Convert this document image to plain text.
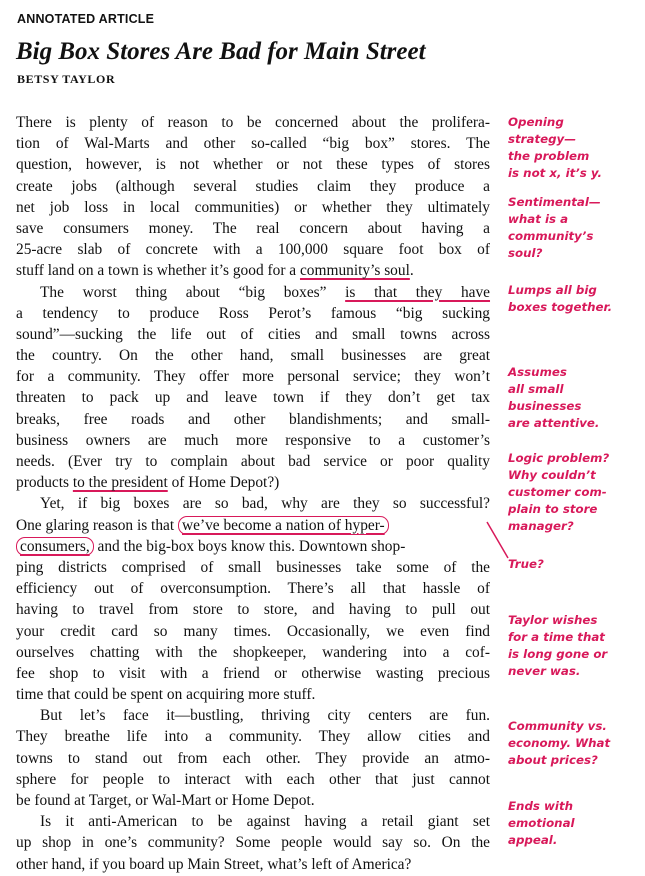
ANNOTATED ARTICLE
Big Box Stores Are Bad for Main Street
BETSY TAYLOR
There is plenty of reason to be concerned about the prolifera-
tion of Wal-Marts and other so-called “big box” stores. The
question, however, is not whether or not these types of stores
create jobs (although several studies claim they produce a
net job loss in local communities) or whether they ultimately
save consumers money. The real concern about having a
25-acre slab of concrete with a 100,000 square foot box of
stuff land on a town is whether it’s good for a community’s soul.
The worst thing about “big boxes” is that they have
a tendency to produce Ross Perot’s famous “big sucking
sound”—sucking the life out of cities and small towns across
the country. On the other hand, small businesses are great
for a community. They offer more personal service; they won’t
threaten to pack up and leave town if they don’t get tax
breaks, free roads and other blandishments; and small-
business owners are much more responsive to a customer’s
needs. (Ever try to complain about bad service or poor quality
products to the president of Home Depot?)
Yet, if big boxes are so bad, why are they so successful?
One glaring reason is that we’ve become a nation of hyper-
consumers, and the big-box boys know this. Downtown shop-
ping districts comprised of small businesses take some of the
efficiency out of overconsumption. There’s all that hassle of
having to travel from store to store, and having to pull out
your credit card so many times. Occasionally, we even find
ourselves chatting with the shopkeeper, wandering into a cof-
fee shop to visit with a friend or otherwise wasting precious
time that could be spent on acquiring more stuff.
But let’s face it—bustling, thriving city centers are fun.
They breathe life into a community. They allow cities and
towns to stand out from each other. They provide an atmo-
sphere for people to interact with each other that just cannot
be found at Target, or Wal-Mart or Home Depot.
Is it anti-American to be against having a retail giant set
up shop in one’s community? Some people would say so. On the
other hand, if you board up Main Street, what’s left of America?
Opening
strategy—
the problem
is not x, it’s y.
Sentimental—
what is a
community’s
soul?
Lumps all big
boxes together.
Assumes
all small
businesses
are attentive.
Logic problem?
Why couldn’t
customer com-
plain to store
manager?
True?
Taylor wishes
for a time that
is long gone or
never was.
Community vs.
economy. What
about prices?
Ends with
emotional
appeal.
